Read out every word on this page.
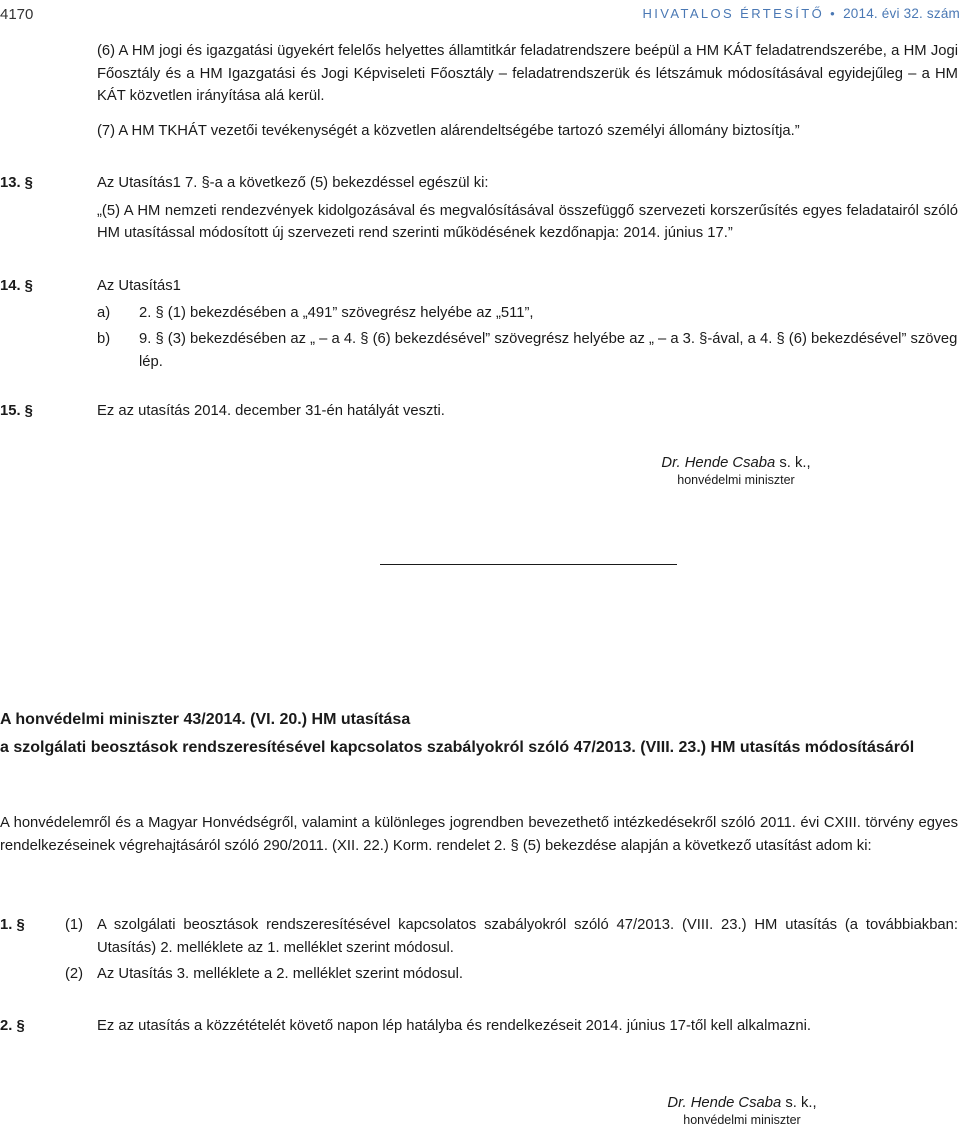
4170	HIVATALOS ÉRTESÍTŐ • 2014. évi 32. szám

(6) A HM jogi és igazgatási ügyekért felelős helyettes államtitkár feladatrendszere beépül a HM KÁT feladatrendszerébe, a HM Jogi Főosztály és a HM Igazgatási és Jogi Képviseleti Főosztály – feladatrendszerük és létszámuk módosításával egyidejűleg – a HM KÁT közvetlen irányítása alá kerül.

(7) A HM TKHÁT vezetői tevékenységét a közvetlen alárendeltségébe tartozó személyi állomány biztosítja.”

13. §	Az Utasítás1 7. §-a a következő (5) bekezdéssel egészül ki:

„(5) A HM nemzeti rendezvények kidolgozásával és megvalósításával összefüggő szervezeti korszerűsítés egyes feladatairól szóló HM utasítással módosított új szervezeti rend szerinti működésének kezdőnapja: 2014. június 17.”

14. §	Az Utasítás1

a) 2. § (1) bekezdésében a „491” szövegrész helyébe az „511”,
b) 9. § (3) bekezdésében az „ – a 4. § (6) bekezdésével” szövegrész helyébe az „ – a 3. §-ával, a 4. § (6) bekezdésével” szöveg lép.
15. §	Ez az utasítás 2014. december 31-én hatályát veszti.

Dr. Hende Csaba s. k.,
honvédelmi miniszter

A honvédelmi miniszter 43/2014. (VI. 20.) HM utasítása

a szolgálati beosztások rendszeresítésével kapcsolatos szabályokról szóló 47/2013. (VIII. 23.) HM utasítás módosításáról

A honvédelemről és a Magyar Honvédségről, valamint a különleges jogrendben bevezethető intézkedésekről szóló 2011. évi CXIII. törvény egyes rendelkezéseinek végrehajtásáról szóló 290/2011. (XII. 22.) Korm. rendelet 2. § (5) bekezdése alapján a következő utasítást adom ki:

1. §	(1) A szolgálati beosztások rendszeresítésével kapcsolatos szabályokról szóló 47/2013. (VIII. 23.) HM utasítás (a továbbiakban: Utasítás) 2. melléklete az 1. melléklet szerint módosul.
(2) Az Utasítás 3. melléklete a 2. melléklet szerint módosul.
2. §	Ez az utasítás a közzétételét követő napon lép hatályba és rendelkezéseit 2014. június 17-től kell alkalmazni.

Dr. Hende Csaba s. k.,
honvédelmi miniszter
